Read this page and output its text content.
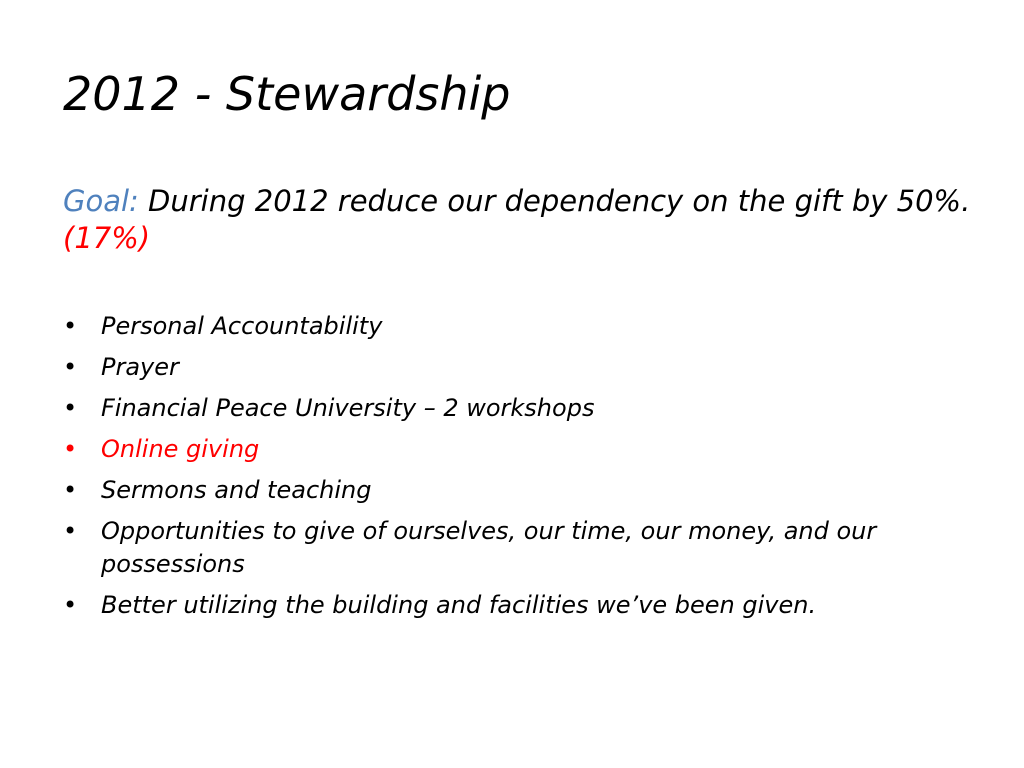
2012 - Stewardship

Goal: During 2012 reduce our dependency on the gift by 50%. (17%)

• Personal Accountability
• Prayer
• Financial Peace University – 2 workshops
• Online giving
• Sermons and teaching
• Opportunities to give of ourselves, our time, our money, and our possessions
• Better utilizing the building and facilities we’ve been given.
